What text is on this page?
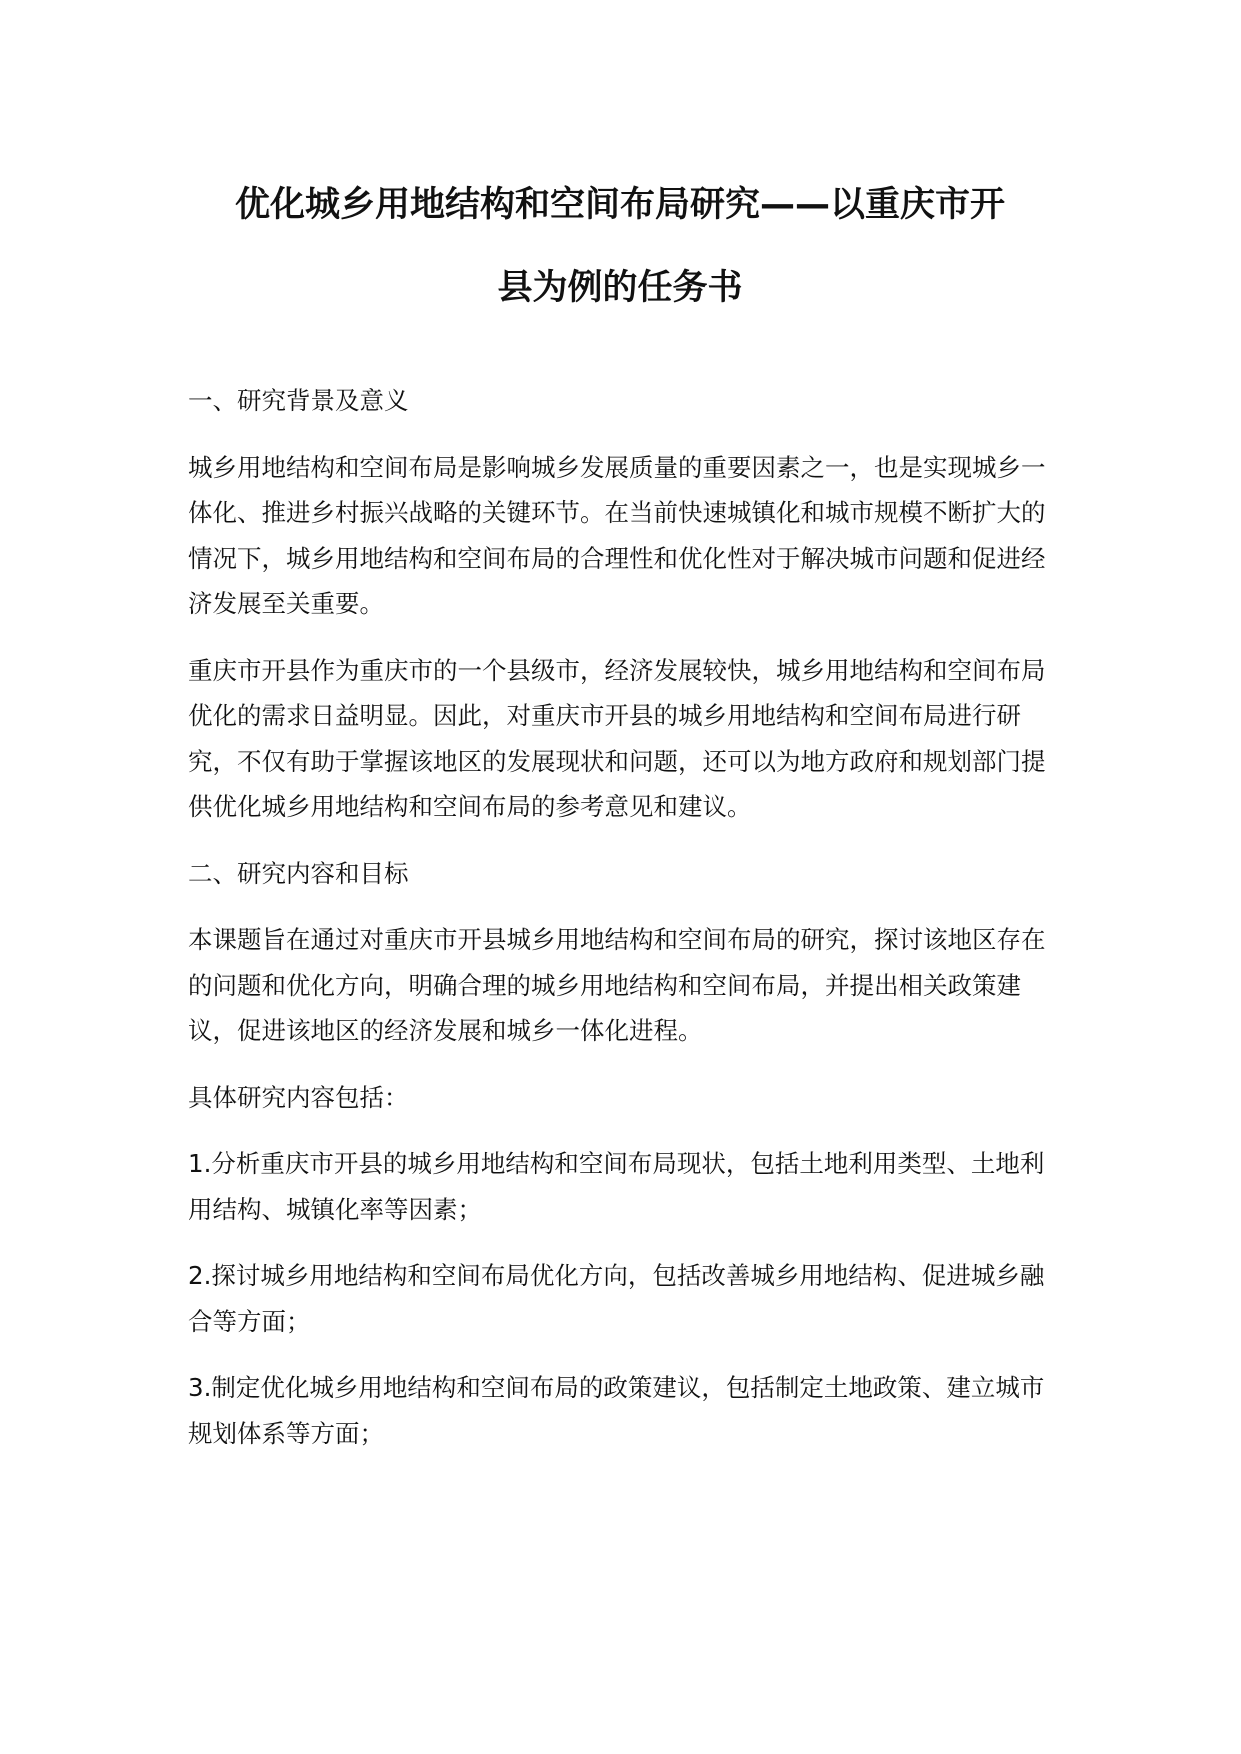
优化城乡用地结构和空间布局研究——以重庆市开
县为例的任务书

一、研究背景及意义

城乡用地结构和空间布局是影响城乡发展质量的重要因素之一，也是实现城乡一体化、推进乡村振兴战略的关键环节。在当前快速城镇化和城市规模不断扩大的情况下，城乡用地结构和空间布局的合理性和优化性对于解决城市问题和促进经济发展至关重要。

重庆市开县作为重庆市的一个县级市，经济发展较快，城乡用地结构和空间布局优化的需求日益明显。因此，对重庆市开县的城乡用地结构和空间布局进行研究，不仅有助于掌握该地区的发展现状和问题，还可以为地方政府和规划部门提供优化城乡用地结构和空间布局的参考意见和建议。

二、研究内容和目标

本课题旨在通过对重庆市开县城乡用地结构和空间布局的研究，探讨该地区存在的问题和优化方向，明确合理的城乡用地结构和空间布局，并提出相关政策建议，促进该地区的经济发展和城乡一体化进程。

具体研究内容包括：

1.分析重庆市开县的城乡用地结构和空间布局现状，包括土地利用类型、土地利用结构、城镇化率等因素；

2.探讨城乡用地结构和空间布局优化方向，包括改善城乡用地结构、促进城乡融合等方面；

3.制定优化城乡用地结构和空间布局的政策建议，包括制定土地政策、建立城市规划体系等方面；
